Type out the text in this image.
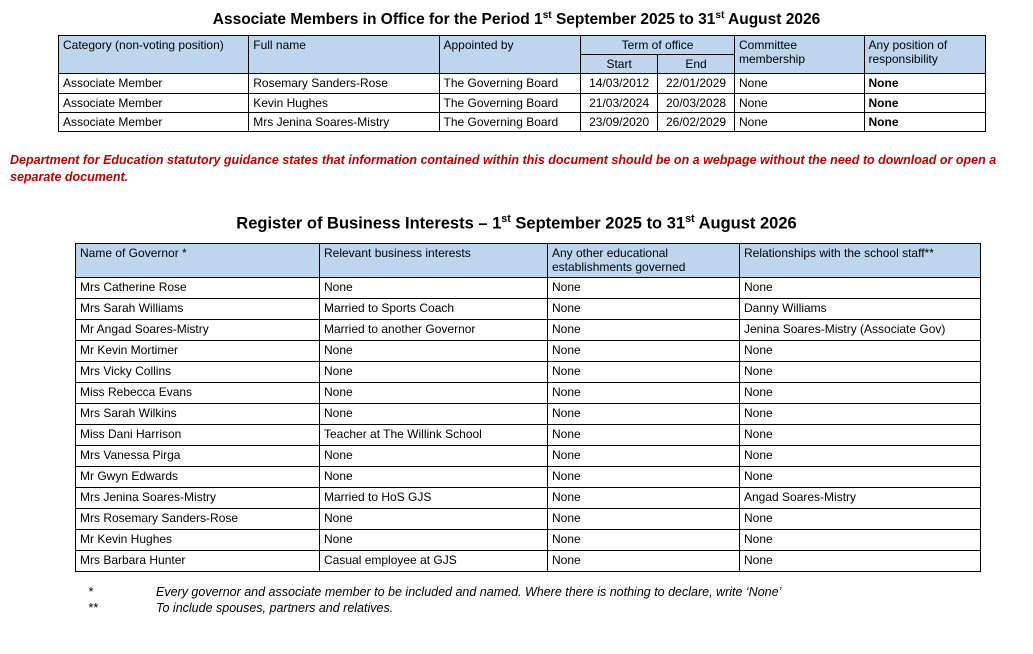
Associate Members in Office for the Period 1st September 2025 to 31st August 2026
Category (non-voting position)	Full name	Appointed by	Term of office		Committee membership	Any position of responsibility
			Start	End		
Associate Member	Rosemary Sanders-Rose	The Governing Board	14/03/2012	22/01/2029	None	None
Associate Member	Kevin Hughes	The Governing Board	21/03/2024	20/03/2028	None	None
Associate Member	Mrs Jenina Soares-Mistry	The Governing Board	23/09/2020	26/02/2029	None	None

Department for Education statutory guidance states that information contained within this document should be on a webpage without the need to download or open a separate document.

Register of Business Interests – 1st September 2025 to 31st August 2026
Name of Governor *	Relevant business interests	Any other educational establishments governed	Relationships with the school staff**
Mrs Catherine Rose	None	None	None
Mrs Sarah Williams	Married to Sports Coach	None	Danny Williams
Mr Angad Soares-Mistry	Married to another Governor	None	Jenina Soares-Mistry (Associate Gov)
Mr Kevin Mortimer	None	None	None
Mrs Vicky Collins	None	None	None
Miss Rebecca Evans	None	None	None
Mrs Sarah Wilkins	None	None	None
Miss Dani Harrison	Teacher at The Willink School	None	None
Mrs Vanessa Pirga	None	None	None
Mr Gwyn Edwards	None	None	None
Mrs Jenina Soares-Mistry	Married to HoS GJS	None	Angad Soares-Mistry
Mrs Rosemary Sanders-Rose	None	None	None
Mr Kevin Hughes	None	None	None
Mrs Barbara Hunter	Casual employee at GJS	None	None
*	Every governor and associate member to be included and named. Where there is nothing to declare, write ‘None’
**	To include spouses, partners and relatives.
